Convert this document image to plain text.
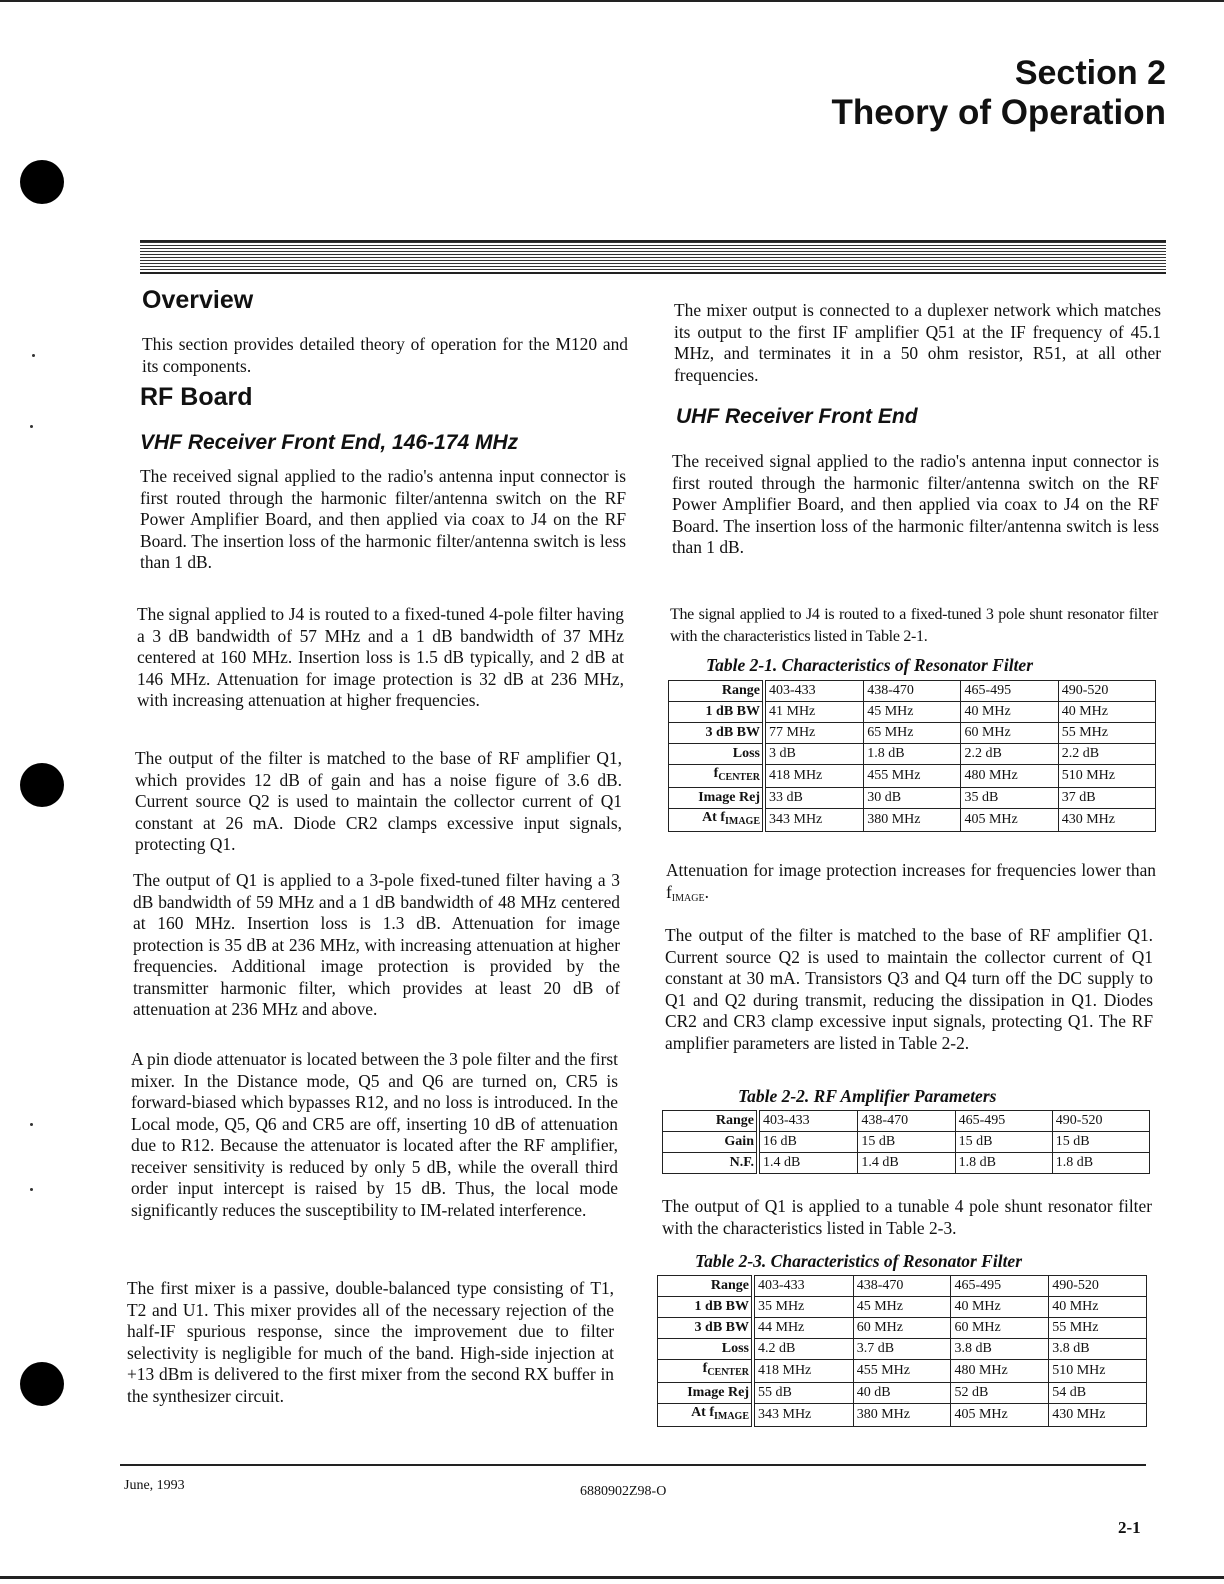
Section 2
Theory of Operation
Overview

This section provides detailed theory of operation for the M120 and its components.

RF Board
VHF Receiver Front End, 146-174 MHz

The received signal applied to the radio's antenna input connector is first routed through the harmonic filter/antenna switch on the RF Power Amplifier Board, and then applied via coax to J4 on the RF Board. The insertion loss of the harmonic filter/antenna switch is less than 1 dB.

The signal applied to J4 is routed to a fixed-tuned 4-pole filter having a 3 dB bandwidth of 57 MHz and a 1 dB bandwidth of 37 MHz centered at 160 MHz. Insertion loss is 1.5 dB typically, and 2 dB at 146 MHz. Attenuation for image protection is 32 dB at 236 MHz, with increasing attenuation at higher frequencies.

The output of the filter is matched to the base of RF amplifier Q1, which provides 12 dB of gain and has a noise figure of 3.6 dB. Current source Q2 is used to maintain the collector current of Q1 constant at 26 mA. Diode CR2 clamps excessive input signals, protecting Q1.

The output of Q1 is applied to a 3-pole fixed-tuned filter having a 3 dB bandwidth of 59 MHz and a 1 dB bandwidth of 48 MHz centered at 160 MHz. Insertion loss is 1.3 dB. Attenuation for image protection is 35 dB at 236 MHz, with increasing attenuation at higher frequencies. Additional image protection is provided by the transmitter harmonic filter, which provides at least 20 dB of attenuation at 236 MHz and above.

A pin diode attenuator is located between the 3 pole filter and the first mixer. In the Distance mode, Q5 and Q6 are turned on, CR5 is forward-biased which bypasses R12, and no loss is introduced. In the Local mode, Q5, Q6 and CR5 are off, inserting 10 dB of attenuation due to R12. Because the attenuator is located after the RF amplifier, receiver sensitivity is reduced by only 5 dB, while the overall third order input intercept is raised by 15 dB. Thus, the local mode significantly reduces the susceptibility to IM-related interference.

The first mixer is a passive, double-balanced type consisting of T1, T2 and U1. This mixer provides all of the necessary rejection of the half-IF spurious response, since the improvement due to filter selectivity is negligible for much of the band. High-side injection at +13 dBm is delivered to the first mixer from the second RX buffer in the synthesizer circuit.

The mixer output is connected to a duplexer network which matches its output to the first IF amplifier Q51 at the IF frequency of 45.1 MHz, and terminates it in a 50 ohm resistor, R51, at all other frequencies.

UHF Receiver Front End

The received signal applied to the radio's antenna input connector is first routed through the harmonic filter/antenna switch on the RF Power Amplifier Board, and then applied via coax to J4 on the RF Board. The insertion loss of the harmonic filter/antenna switch is less than 1 dB.

The signal applied to J4 is routed to a fixed-tuned 3 pole shunt resonator filter with the characteristics listed in Table 2-1.

Table 2-1. Characteristics of Resonator Filter
Range	403-433	438-470	465-495	490-520
1 dB BW	41 MHz	45 MHz	40 MHz	40 MHz
3 dB BW	77 MHz	65 MHz	60 MHz	55 MHz
Loss	3 dB	1.8 dB	2.2 dB	2.2 dB
$f_{CENTER}$	418 MHz	455 MHz	480 MHz	510 MHz
Image Rej	33 dB	30 dB	35 dB	37 dB
At $f_{IMAGE}$	343 MHz	380 MHz	405 MHz	430 MHz

Attenuation for image protection increases for frequencies lower than $f_{IMAGE}$.

The output of the filter is matched to the base of RF amplifier Q1. Current source Q2 is used to maintain the collector current of Q1 constant at 30 mA. Transistors Q3 and Q4 turn off the DC supply to Q1 and Q2 during transmit, reducing the dissipation in Q1. Diodes CR2 and CR3 clamp excessive input signals, protecting Q1. The RF amplifier parameters are listed in Table 2-2.

Table 2-2. RF Amplifier Parameters
Range	403-433	438-470	465-495	490-520
Gain	16 dB	15 dB	15 dB	15 dB
N.F.	1.4 dB	1.4 dB	1.8 dB	1.8 dB

The output of Q1 is applied to a tunable 4 pole shunt resonator filter with the characteristics listed in Table 2-3.

Table 2-3. Characteristics of Resonator Filter
Range	403-433	438-470	465-495	490-520
1 dB BW	35 MHz	45 MHz	40 MHz	40 MHz
3 dB BW	44 MHz	60 MHz	60 MHz	55 MHz
Loss	4.2 dB	3.7 dB	3.8 dB	3.8 dB
$f_{CENTER}$	418 MHz	455 MHz	480 MHz	510 MHz
Image Rej	55 dB	40 dB	52 dB	54 dB
At $f_{IMAGE}$	343 MHz	380 MHz	405 MHz	430 MHz
June, 1993	6880902Z98-O
2-1
